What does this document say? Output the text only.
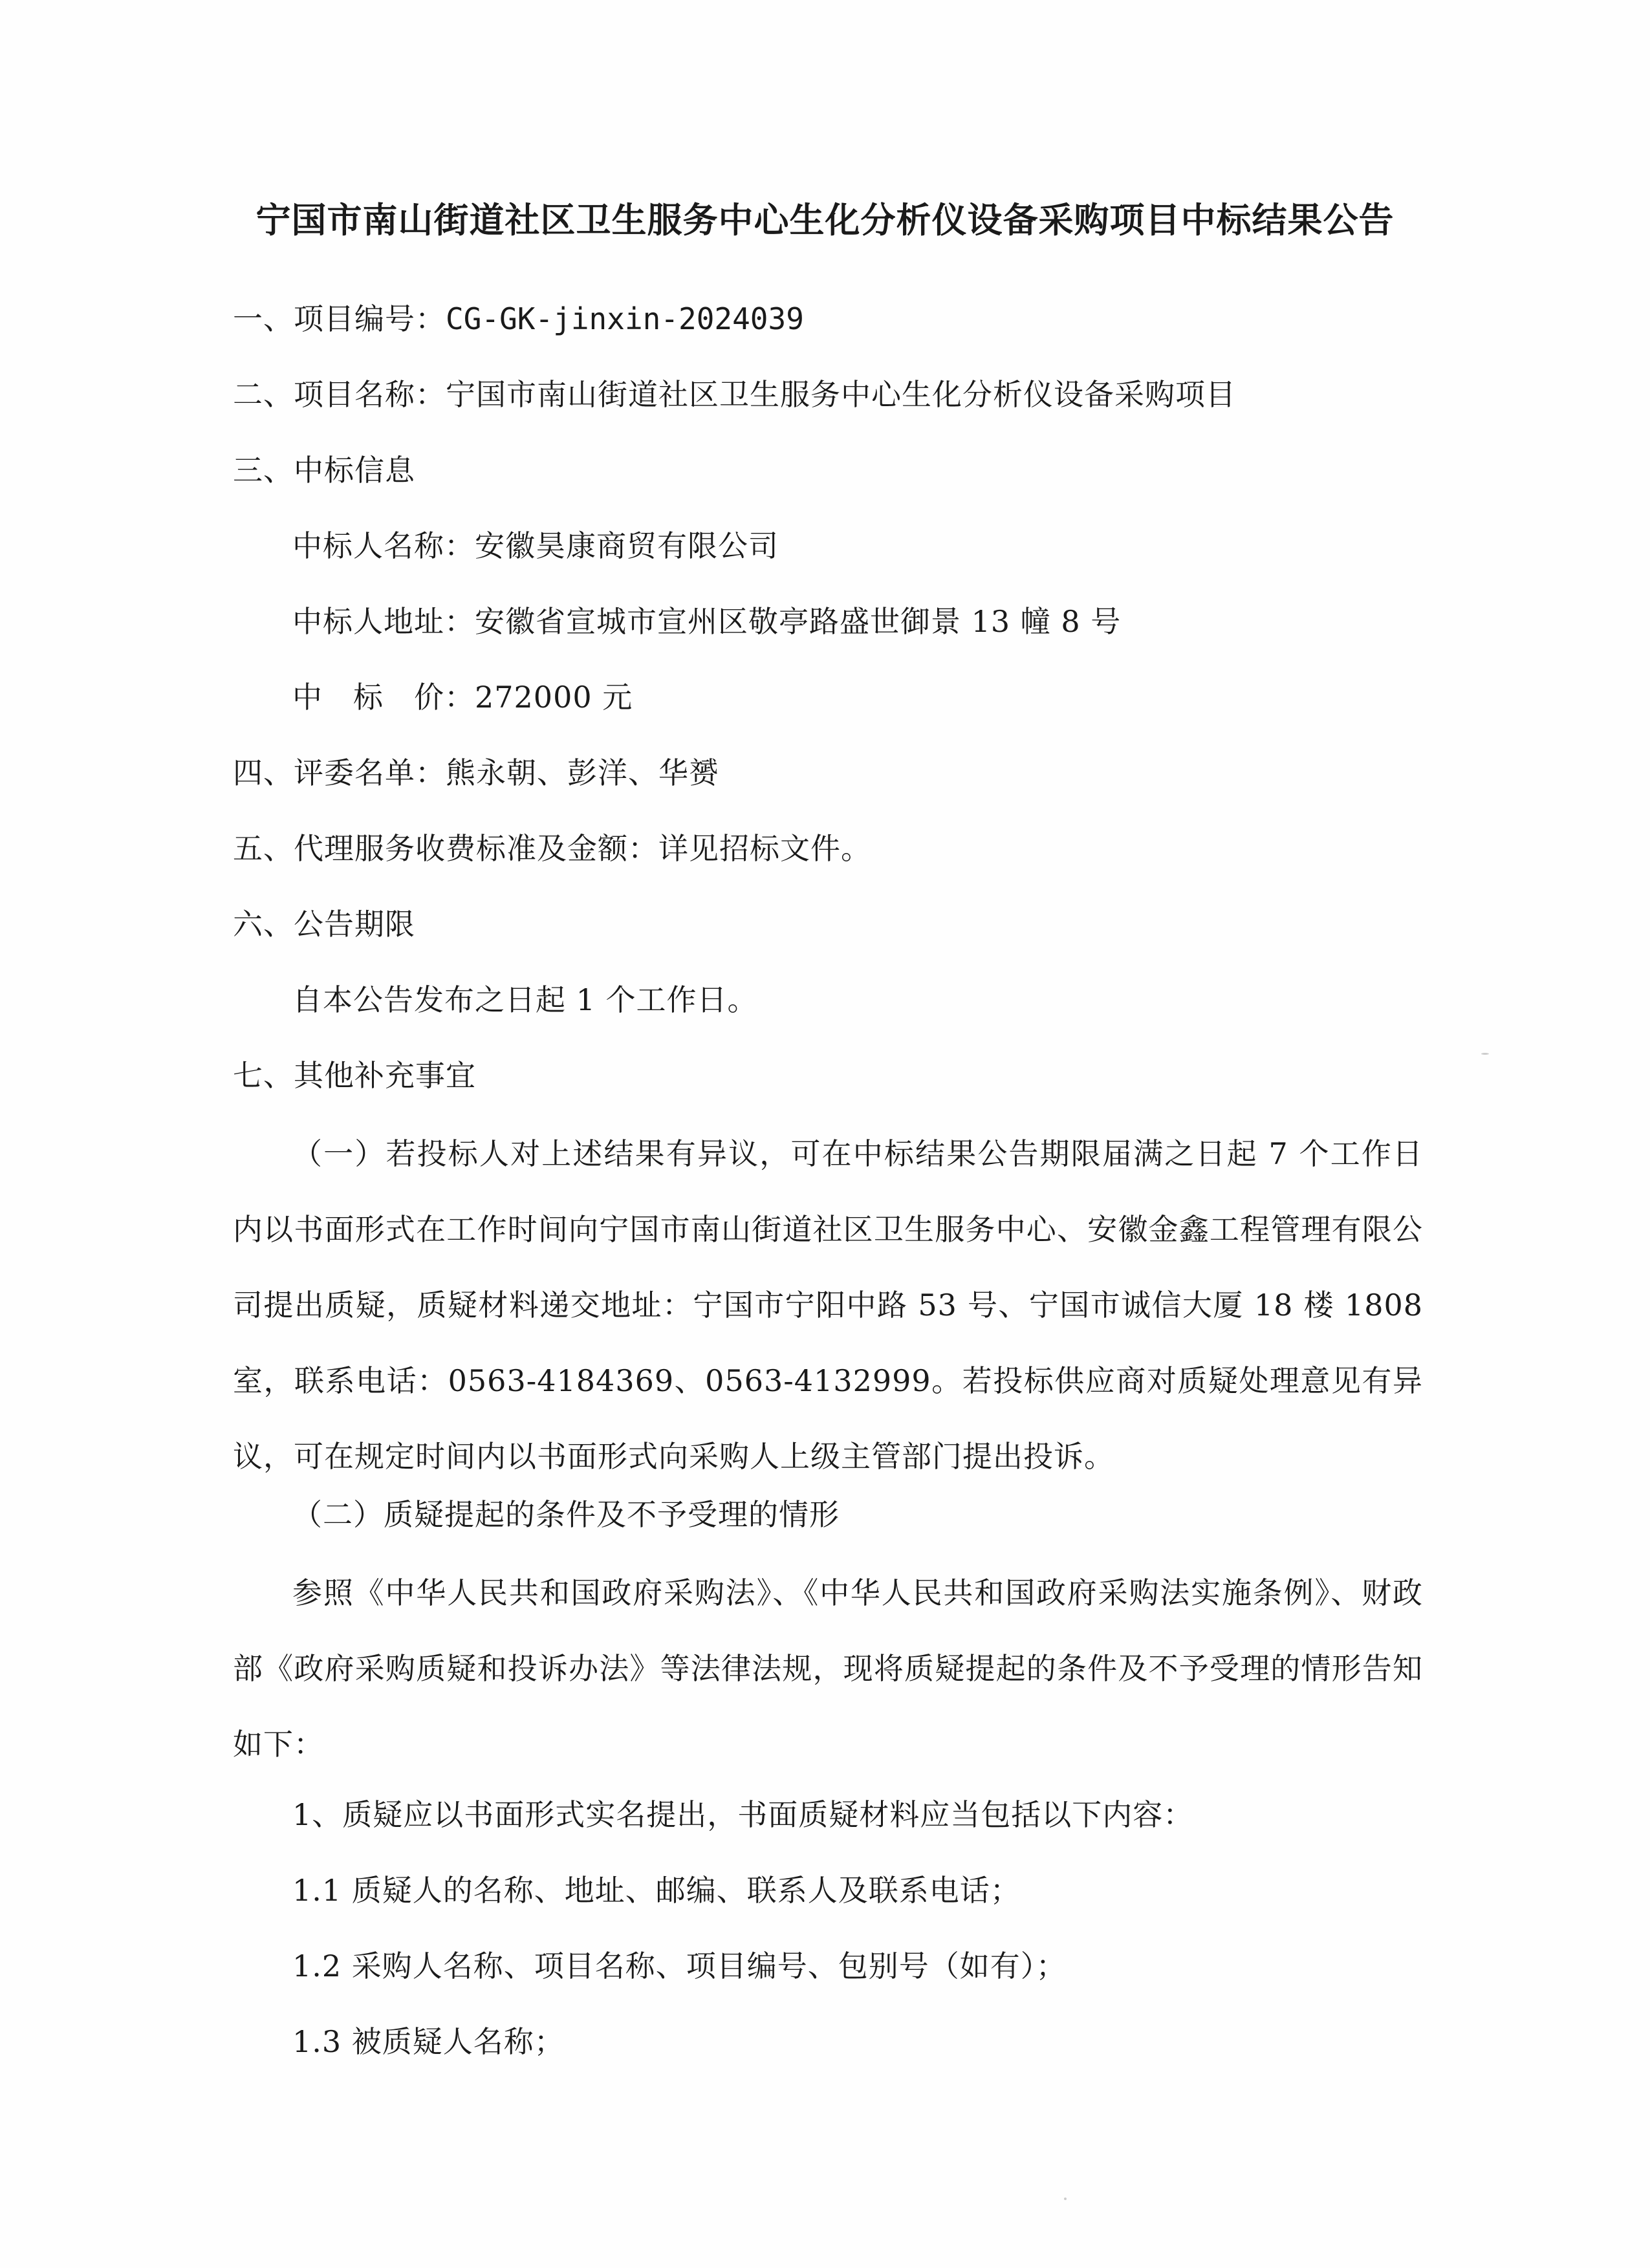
宁国市南山街道社区卫生服务中心生化分析仪设备采购项目中标结果公告
一、项目编号：CG-GK-jinxin-2024039
二、项目名称：宁国市南山街道社区卫生服务中心生化分析仪设备采购项目
三、中标信息
中标人名称：安徽昊康商贸有限公司
中标人地址：安徽省宣城市宣州区敬亭路盛世御景 13 幢 8 号
中　标　价：272000 元
四、评委名单：熊永朝、彭洋、华赟
五、代理服务收费标准及金额：详见招标文件。
六、公告期限
自本公告发布之日起 1 个工作日。
七、其他补充事宜
（一）若投标人对上述结果有异议，可在中标结果公告期限届满之日起 7 个工作日内以书面形式在工作时间向宁国市南山街道社区卫生服务中心、安徽金鑫工程管理有限公司提出质疑，质疑材料递交地址：宁国市宁阳中路 53 号、宁国市诚信大厦 18 楼 1808 室，联系电话：0563-4184369、0563-4132999。若投标供应商对质疑处理意见有异议，可在规定时间内以书面形式向采购人上级主管部门提出投诉。
（二）质疑提起的条件及不予受理的情形
参照《中华人民共和国政府采购法》、《中华人民共和国政府采购法实施条例》、财政部《政府采购质疑和投诉办法》等法律法规，现将质疑提起的条件及不予受理的情形告知如下：
1、质疑应以书面形式实名提出，书面质疑材料应当包括以下内容：
1.1 质疑人的名称、地址、邮编、联系人及联系电话；
1.2 采购人名称、项目名称、项目编号、包别号（如有）；
1.3 被质疑人名称；
